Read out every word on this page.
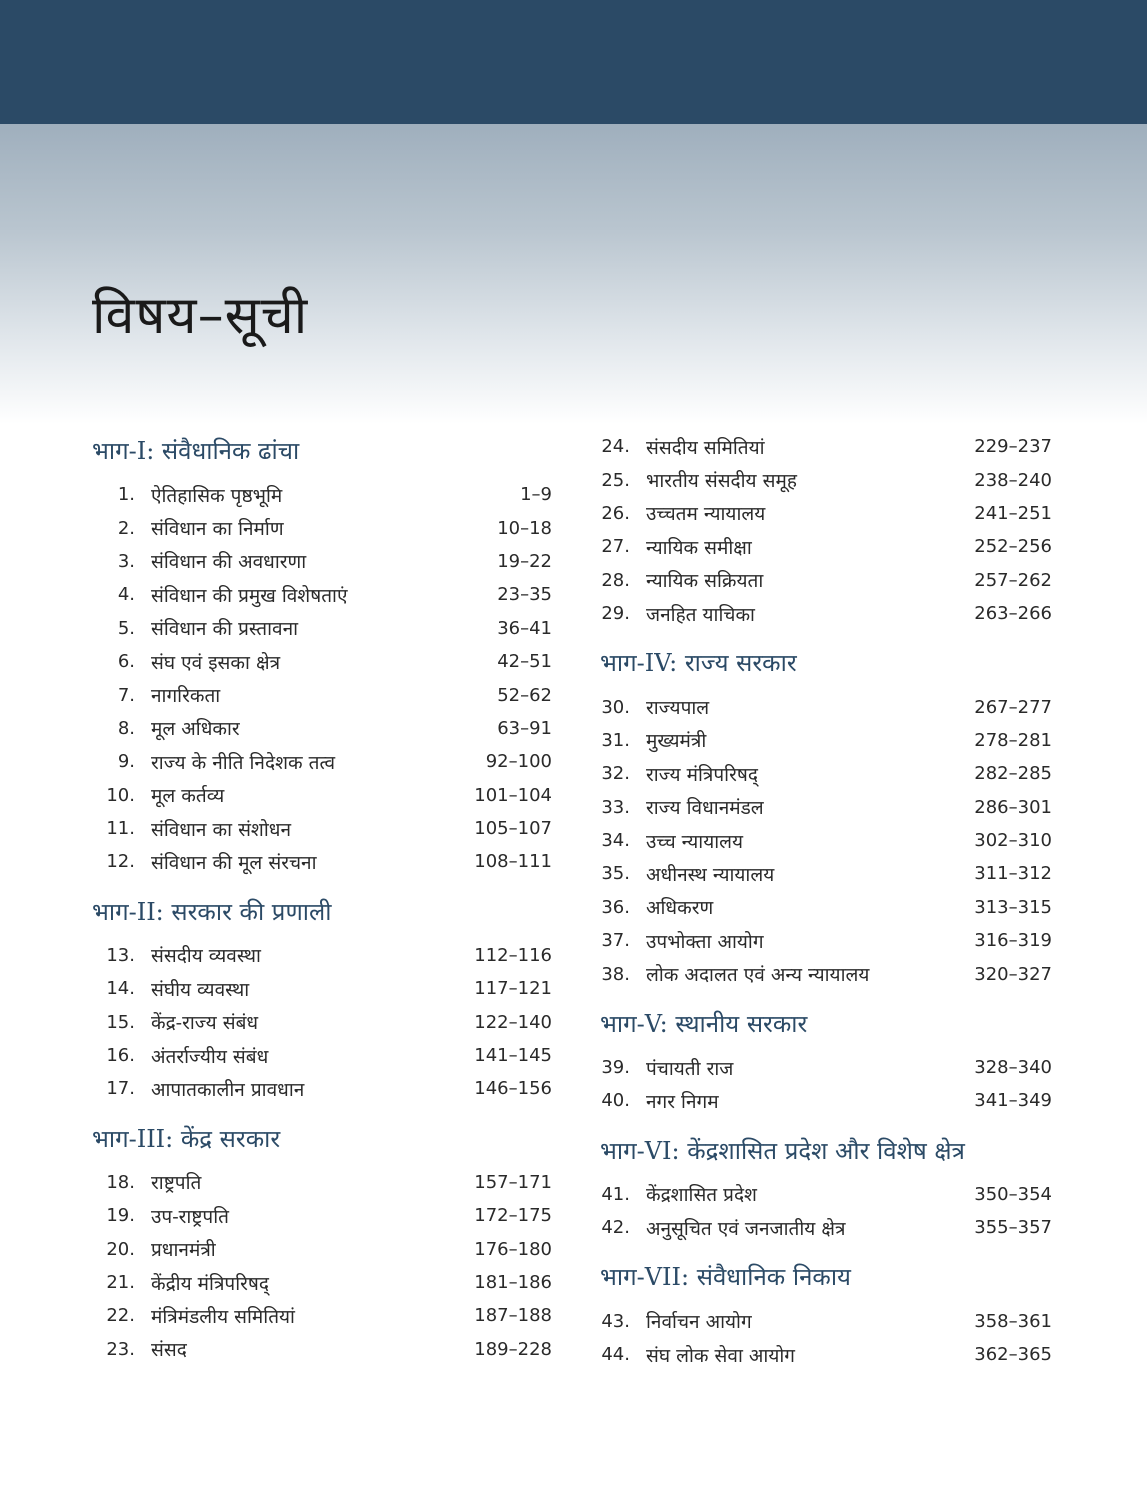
विषय–सूची
भाग-I: संवैधानिक ढांचा
1. ऐतिहासिक पृष्ठभूमि	1–9
2. संविधान का निर्माण	10–18
3. संविधान की अवधारणा	19–22
4. संविधान की प्रमुख विशेषताएं	23–35
5. संविधान की प्रस्तावना	36–41
6. संघ एवं इसका क्षेत्र	42–51
7. नागरिकता	52–62
8. मूल अधिकार	63–91
9. राज्य के नीति निदेशक तत्व	92–100
10. मूल कर्तव्य	101–104
11. संविधान का संशोधन	105–107
12. संविधान की मूल संरचना	108–111
भाग-II: सरकार की प्रणाली
13. संसदीय व्यवस्था	112–116
14. संघीय व्यवस्था	117–121
15. केंद्र-राज्य संबंध	122–140
16. अंतर्राज्यीय संबंध	141–145
17. आपातकालीन प्रावधान	146–156
भाग-III: केंद्र सरकार
18. राष्ट्रपति	157–171
19. उप-राष्ट्रपति	172–175
20. प्रधानमंत्री	176–180
21. केंद्रीय मंत्रिपरिषद्	181–186
22. मंत्रिमंडलीय समितियां	187–188
23. संसद	189–228
24. संसदीय समितियां	229–237
25. भारतीय संसदीय समूह	238–240
26. उच्चतम न्यायालय	241–251
27. न्यायिक समीक्षा	252–256
28. न्यायिक सक्रियता	257–262
29. जनहित याचिका	263–266
भाग-IV: राज्य सरकार
30. राज्यपाल	267–277
31. मुख्यमंत्री	278–281
32. राज्य मंत्रिपरिषद्	282–285
33. राज्य विधानमंडल	286–301
34. उच्च न्यायालय	302–310
35. अधीनस्थ न्यायालय	311–312
36. अधिकरण	313–315
37. उपभोक्ता आयोग	316–319
38. लोक अदालत एवं अन्य न्यायालय	320–327
भाग-V: स्थानीय सरकार
39. पंचायती राज	328–340
40. नगर निगम	341–349
भाग-VI: केंद्रशासित प्रदेश और विशेष क्षेत्र
41. केंद्रशासित प्रदेश	350–354
42. अनुसूचित एवं जनजातीय क्षेत्र	355–357
भाग-VII: संवैधानिक निकाय
43. निर्वाचन आयोग	358–361
44. संघ लोक सेवा आयोग	362–365
